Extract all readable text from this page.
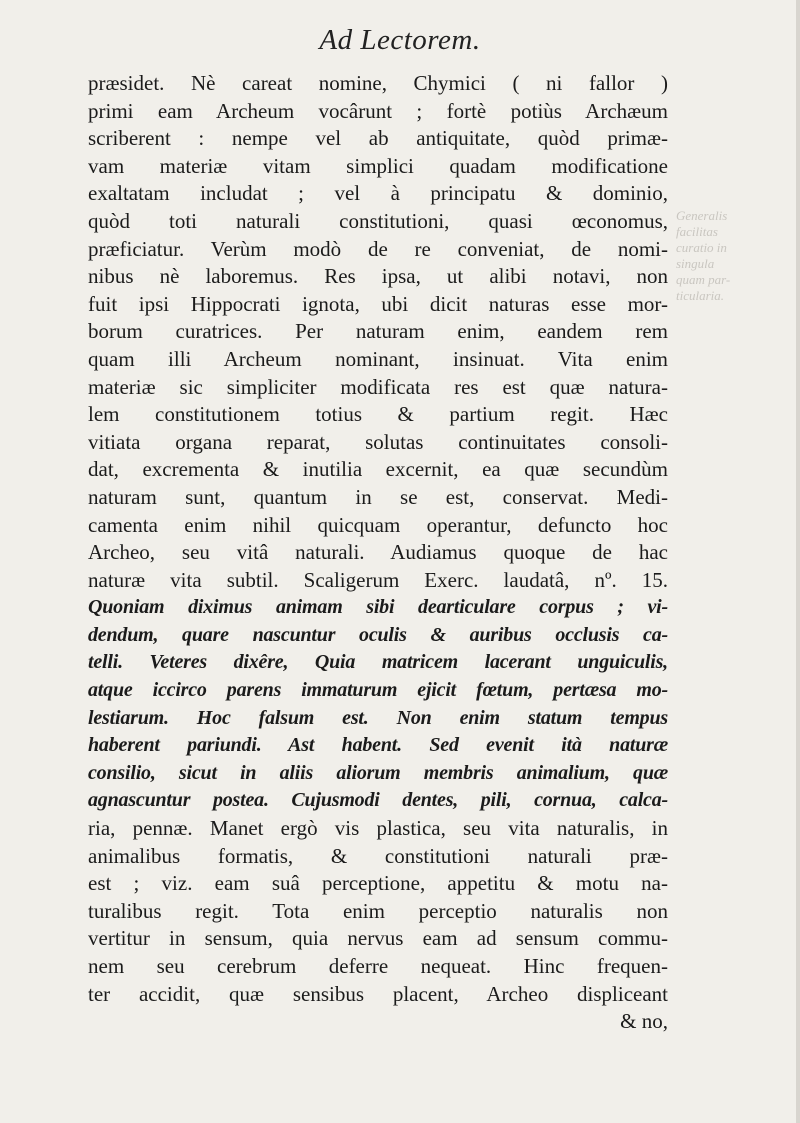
Ad Lectorem.
præsidet. Nè careat nomine, Chymici ( ni fallor )
primi eam Archeum vocârunt ; fortè potiùs Archæum
scriberent : nempe vel ab antiquitate, quòd primæ-
vam materiæ vitam simplici quadam modificatione
exaltatam includat ; vel à principatu & dominio,
quòd toti naturali constitutioni, quasi œconomus,
præficiatur. Verùm modò de re conveniat, de nomi-
nibus nè laboremus. Res ipsa, ut alibi notavi, non
fuit ipsi Hippocrati ignota, ubi dicit naturas esse mor-
borum curatrices. Per naturam enim, eandem rem
quam illi Archeum nominant, insinuat. Vita enim
materiæ sic simpliciter modificata res est quæ natura-
lem constitutionem totius & partium regit. Hæc
vitiata organa reparat, solutas continuitates consoli-
dat, excrementa & inutilia excernit, ea quæ secundùm
naturam sunt, quantum in se est, conservat. Medi-
camenta enim nihil quicquam operantur, defuncto hoc
Archeo, seu vitâ naturali. Audiamus quoque de hac
naturæ vita subtil. Scaligerum Exerc. laudatâ, nº. 15.
Quoniam diximus animam sibi dearticulare corpus ; vi-
dendum, quare nascuntur oculis & auribus occlusis ca-
telli. Veteres dixêre, Quia matricem lacerant unguiculis,
atque iccirco parens immaturum ejicit fœtum, pertæsa mo-
lestiarum. Hoc falsum est. Non enim statum tempus
haberent pariundi. Ast habent. Sed evenit ità naturæ
consilio, sicut in aliis aliorum membris animalium, quæ
agnascuntur postea. Cujusmodi dentes, pili, cornua, calca-
ria, pennæ. Manet ergò vis plastica, seu vita naturalis, in
animalibus formatis, & constitutioni naturali præ-
est ; viz. eam suâ perceptione, appetitu & motu na-
turalibus regit. Tota enim perceptio naturalis non
vertitur in sensum, quia nervus eam ad sensum commu-
nem seu cerebrum deferre nequeat. Hinc frequen-
ter accidit, quæ sensibus placent, Archeo displiceant
& no,
Generalis
facilitas
curatio in
singula
quam par-
ticularia.
